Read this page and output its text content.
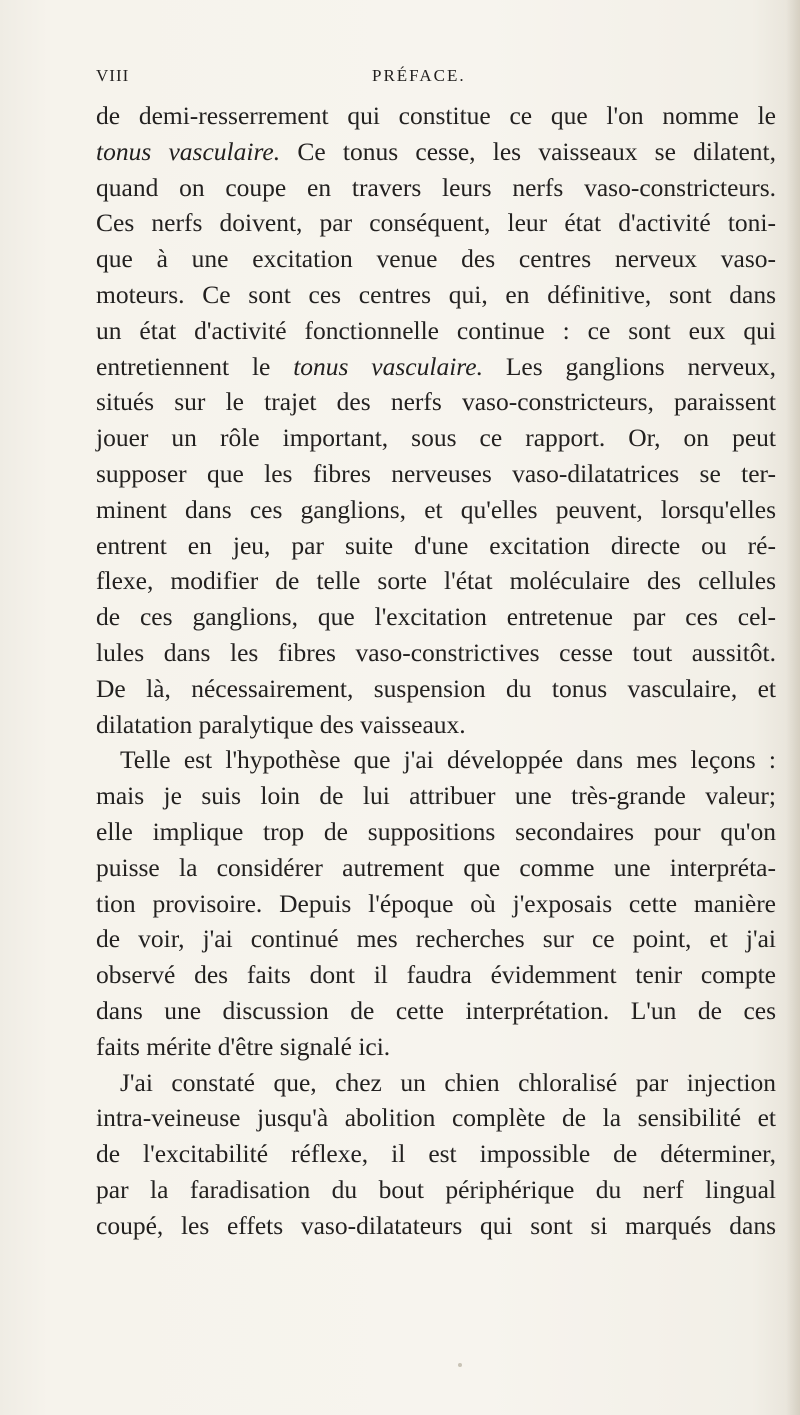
VIII	PRÉFACE.
de demi-resserrement qui constitue ce que l'on nomme le
tonus vasculaire. Ce tonus cesse, les vaisseaux se dilatent,
quand on coupe en travers leurs nerfs vaso-constricteurs.
Ces nerfs doivent, par conséquent, leur état d'activité toni-
que à une excitation venue des centres nerveux vaso-
moteurs. Ce sont ces centres qui, en définitive, sont dans
un état d'activité fonctionnelle continue : ce sont eux qui
entretiennent le tonus vasculaire. Les ganglions nerveux,
situés sur le trajet des nerfs vaso-constricteurs, paraissent
jouer un rôle important, sous ce rapport. Or, on peut
supposer que les fibres nerveuses vaso-dilatatrices se ter-
minent dans ces ganglions, et qu'elles peuvent, lorsqu'elles
entrent en jeu, par suite d'une excitation directe ou ré-
flexe, modifier de telle sorte l'état moléculaire des cellules
de ces ganglions, que l'excitation entretenue par ces cel-
lules dans les fibres vaso-constrictives cesse tout aussitôt.
De là, nécessairement, suspension du tonus vasculaire, et
dilatation paralytique des vaisseaux.
Telle est l'hypothèse que j'ai développée dans mes leçons :
mais je suis loin de lui attribuer une très-grande valeur;
elle implique trop de suppositions secondaires pour qu'on
puisse la considérer autrement que comme une interpréta-
tion provisoire. Depuis l'époque où j'exposais cette manière
de voir, j'ai continué mes recherches sur ce point, et j'ai
observé des faits dont il faudra évidemment tenir compte
dans une discussion de cette interprétation. L'un de ces
faits mérite d'être signalé ici.
J'ai constaté que, chez un chien chloralisé par injection
intra-veineuse jusqu'à abolition complète de la sensibilité et
de l'excitabilité réflexe, il est impossible de déterminer,
par la faradisation du bout périphérique du nerf lingual
coupé, les effets vaso-dilatateurs qui sont si marqués dans
